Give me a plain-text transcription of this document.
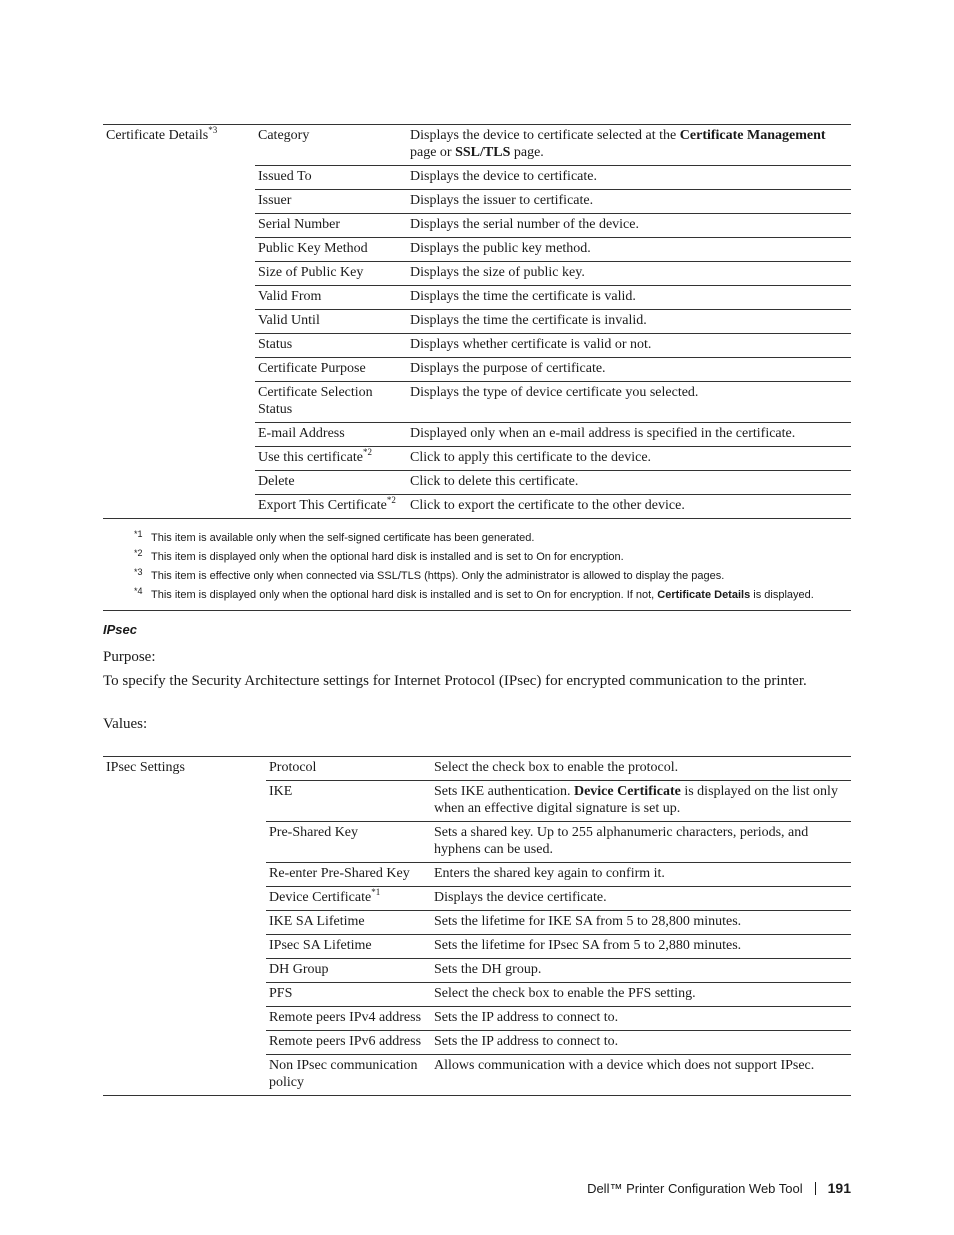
Certificate Details$^{*3}$	Category	Displays the device to certificate selected at the Certificate Management page or SSL/TLS page.
	Issued To	Displays the device to certificate.
	Issuer	Displays the issuer to certificate.
	Serial Number	Displays the serial number of the device.
	Public Key Method	Displays the public key method.
	Size of Public Key	Displays the size of public key.
	Valid From	Displays the time the certificate is valid.
	Valid Until	Displays the time the certificate is invalid.
	Status	Displays whether certificate is valid or not.
	Certificate Purpose	Displays the purpose of certificate.
	Certificate Selection Status	Displays the type of device certificate you selected.
	E-mail Address	Displayed only when an e-mail address is specified in the certificate.
	Use this certificate$^{*2}$	Click to apply this certificate to the device.
	Delete	Click to delete this certificate.
	Export This Certificate$^{*2}$	Click to export the certificate to the other device.
*1 This item is available only when the self-signed certificate has been generated.
*2 This item is displayed only when the optional hard disk is installed and is set to On for encryption.
*3 This item is effective only when connected via SSL/TLS (https). Only the administrator is allowed to display the pages.
*4 This item is displayed only when the optional hard disk is installed and is set to On for encryption. If not, Certificate Details is displayed.
IPsec
Purpose:
To specify the Security Architecture settings for Internet Protocol (IPsec) for encrypted communication to the printer.
Values:
IPsec Settings	Protocol	Select the check box to enable the protocol.
	IKE	Sets IKE authentication. Device Certificate is displayed on the list only when an effective digital signature is set up.
	Pre-Shared Key	Sets a shared key. Up to 255 alphanumeric characters, periods, and hyphens can be used.
	Re-enter Pre-Shared Key	Enters the shared key again to confirm it.
	Device Certificate$^{*1}$	Displays the device certificate.
	IKE SA Lifetime	Sets the lifetime for IKE SA from 5 to 28,800 minutes.
	IPsec SA Lifetime	Sets the lifetime for IPsec SA from 5 to 2,880 minutes.
	DH Group	Sets the DH group.
	PFS	Select the check box to enable the PFS setting.
	Remote peers IPv4 address	Sets the IP address to connect to.
	Remote peers IPv6 address	Sets the IP address to connect to.
	Non IPsec communication policy	Allows communication with a device which does not support IPsec.
Dell™ Printer Configuration Web Tool 191
